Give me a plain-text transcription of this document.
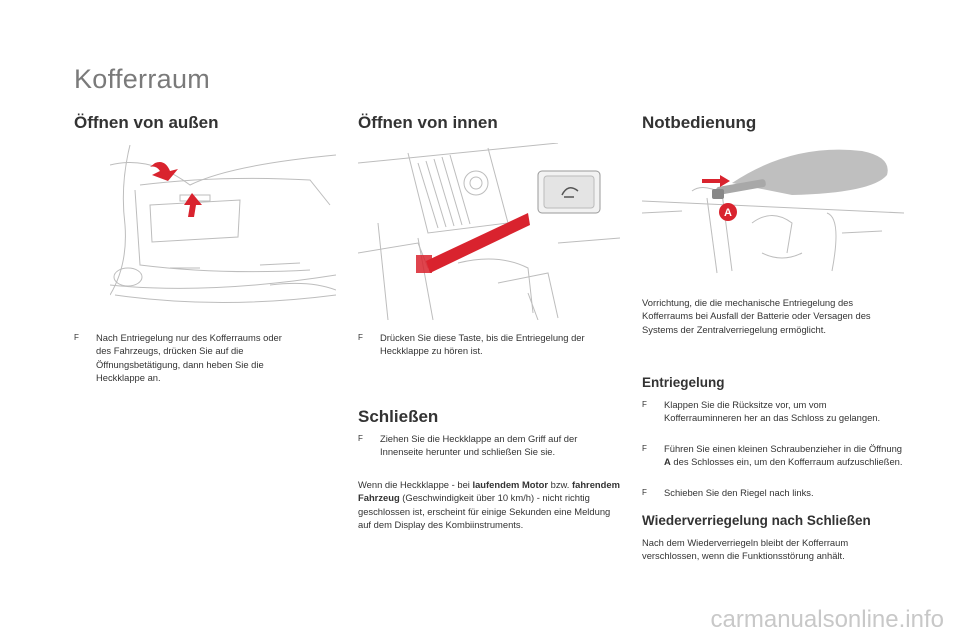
Kofferraum
Öffnen von außen
F Nach Entriegelung nur des Kofferraums oder des Fahrzeugs, drücken Sie auf die Öffnungsbetätigung, dann heben Sie die Heckklappe an.
Öffnen von innen
F Drücken Sie diese Taste, bis die Entriegelung der Heckklappe zu hören ist.
Schließen
F Ziehen Sie die Heckklappe an dem Griff auf der Innenseite herunter und schließen Sie sie.

Wenn die Heckklappe - bei laufendem Motor bzw. fahrendem Fahrzeug (Geschwindigkeit über 10 km/h) - nicht richtig geschlossen ist, erscheint für einige Sekunden eine Meldung auf dem Display des Kombiinstruments.

Notbedienung
A

Vorrichtung, die die mechanische Entriegelung des Kofferraums bei Ausfall der Batterie oder Versagen des Systems der Zentralverriegelung ermöglicht.

Entriegelung
F Klappen Sie die Rücksitze vor, um vom Kofferrauminneren her an das Schloss zu gelangen.
F Führen Sie einen kleinen Schraubenzieher in die Öffnung A des Schlosses ein, um den Kofferraum aufzuschließen.
F Schieben Sie den Riegel nach links.
Wiederverriegelung nach Schließen

Nach dem Wiederverriegeln bleibt der Kofferraum verschlossen, wenn die Funktionsstörung anhält.

carmanualsonline.info
